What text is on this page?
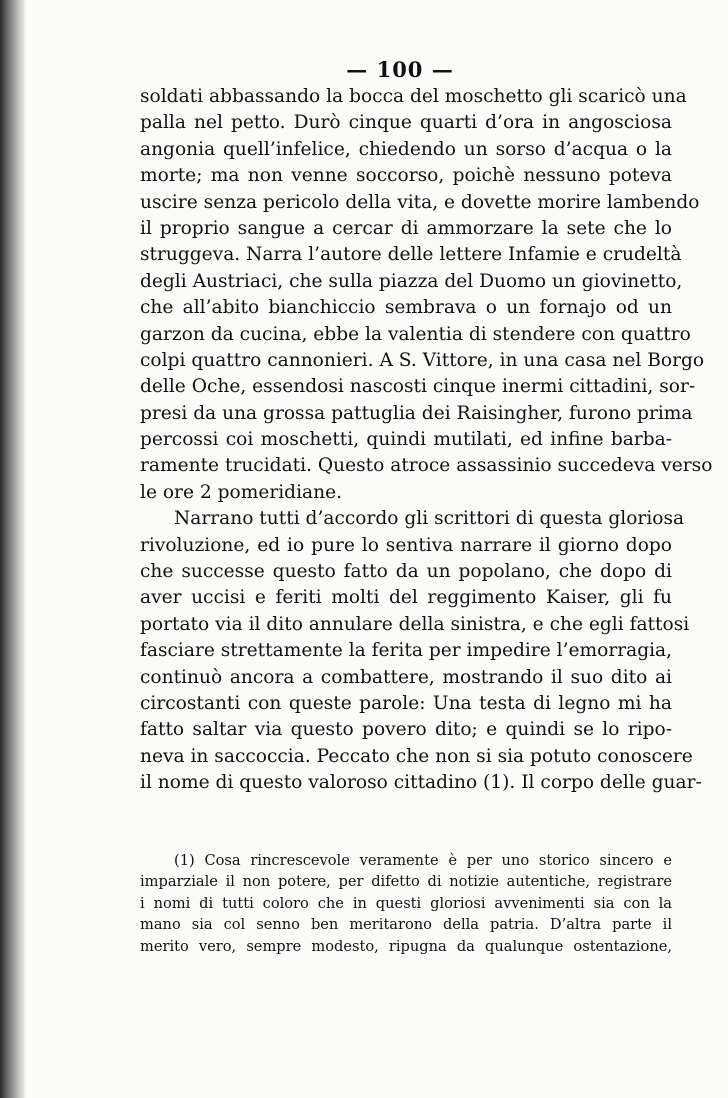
— 100 —
soldati abbassando la bocca del moschetto gli scaricò una
palla nel petto. Durò cinque quarti d’ora in angosciosa
angonia quell’infelice, chiedendo un sorso d’acqua o la
morte; ma non venne soccorso, poichè nessuno poteva
uscire senza pericolo della vita, e dovette morire lambendo
il proprio sangue a cercar di ammorzare la sete che lo
struggeva. Narra l’autore delle lettere Infamie e crudeltà
degli Austriaci, che sulla piazza del Duomo un giovinetto,
che all’abito bianchiccio sembrava o un fornajo od un
garzon da cucina, ebbe la valentia di stendere con quattro
colpi quattro cannonieri. A S. Vittore, in una casa nel Borgo
delle Oche, essendosi nascosti cinque inermi cittadini, sor-
presi da una grossa pattuglia dei Raisingher, furono prima
percossi coi moschetti, quindi mutilati, ed infine barba-
ramente trucidati. Questo atroce assassinio succedeva verso
le ore 2 pomeridiane.
Narrano tutti d’accordo gli scrittori di questa gloriosa
rivoluzione, ed io pure lo sentiva narrare il giorno dopo
che successe questo fatto da un popolano, che dopo di
aver uccisi e feriti molti del reggimento Kaiser, gli fu
portato via il dito annulare della sinistra, e che egli fattosi
fasciare strettamente la ferita per impedire l’emorragia,
continuò ancora a combattere, mostrando il suo dito ai
circostanti con queste parole: Una testa di legno mi ha
fatto saltar via questo povero dito; e quindi se lo ripo-
neva in saccoccia. Peccato che non si sia potuto conoscere
il nome di questo valoroso cittadino (1). Il corpo delle guar-
(1) Cosa rincrescevole veramente è per uno storico sincero e
imparziale il non potere, per difetto di notizie autentiche, registrare
i nomi di tutti coloro che in questi gloriosi avvenimenti sia con la
mano sia col senno ben meritarono della patria. D’altra parte il
merito vero, sempre modesto, ripugna da qualunque ostentazione,
